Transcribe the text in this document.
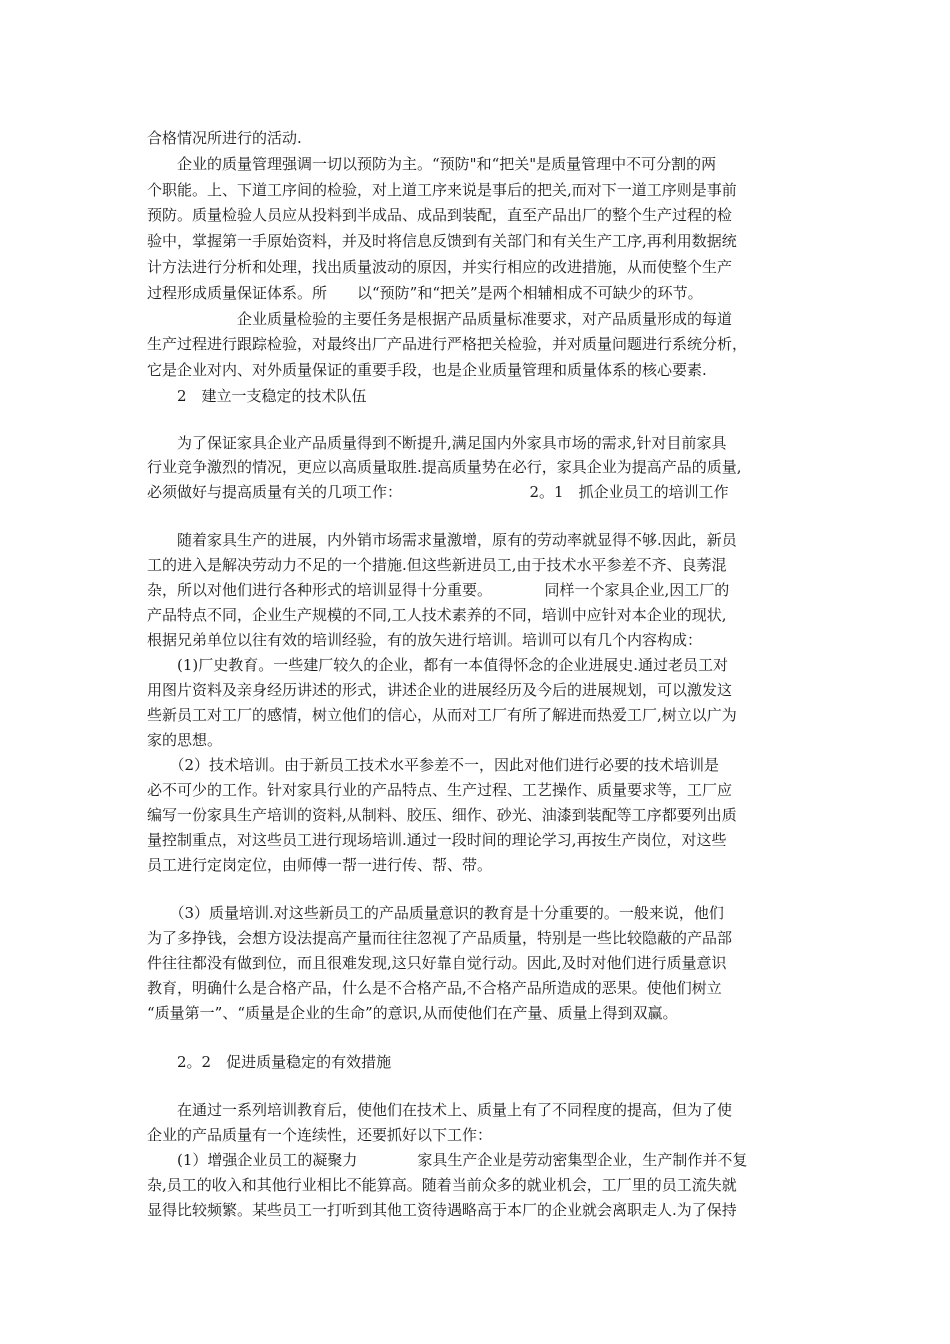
合格情况所进行的活动.
　　企业的质量管理强调一切以预防为主。“预防"和“把关"是质量管理中不可分割的两
个职能。上、下道工序间的检验，对上道工序来说是事后的把关,而对下一道工序则是事前
预防。质量检验人员应从投料到半成品、成品到装配，直至产品出厂的整个生产过程的检
验中，掌握第一手原始资料，并及时将信息反馈到有关部门和有关生产工序,再利用数据统
计方法进行分析和处理，找出质量波动的原因，并实行相应的改进措施，从而使整个生产
过程形成质量保证体系。所　　以“预防”和“把关”是两个相辅相成不可缺少的环节。
　　　　　　企业质量检验的主要任务是根据产品质量标准要求，对产品质量形成的每道
生产过程进行跟踪检验，对最终出厂产品进行严格把关检验，并对质量问题进行系统分析，
它是企业对内、对外质量保证的重要手段，也是企业质量管理和质量体系的核心要素.
　　2　建立一支稳定的技术队伍
　　为了保证家具企业产品质量得到不断提升,满足国内外家具市场的需求,针对目前家具
行业竞争激烈的情况，更应以高质量取胜.提高质量势在必行，家具企业为提高产品的质量,
必须做好与提高质量有关的几项工作：　　　　　　　　　2。1　抓企业员工的培训工作
　　随着家具生产的进展，内外销市场需求量激增，原有的劳动率就显得不够.因此，新员
工的进入是解决劳动力不足的一个措施.但这些新进员工,由于技术水平参差不齐、良莠混
杂，所以对他们进行各种形式的培训显得十分重要。　　　　同样一个家具企业,因工厂的
产品特点不同，企业生产规模的不同,工人技术素养的不同，培训中应针对本企业的现状,
根据兄弟单位以往有效的培训经验，有的放矢进行培训。培训可以有几个内容构成：
　　(1)厂史教育。一些建厂较久的企业，都有一本值得怀念的企业进展史.通过老员工对
用图片资料及亲身经历讲述的形式，讲述企业的进展经历及今后的进展规划，可以激发这
些新员工对工厂的感情，树立他们的信心，从而对工厂有所了解进而热爱工厂,树立以广为
家的思想。
　　（2）技术培训。由于新员工技术水平参差不一，因此对他们进行必要的技术培训是
必不可少的工作。针对家具行业的产品特点、生产过程、工艺操作、质量要求等，工厂应
编写一份家具生产培训的资料,从制料、胶压、细作、砂光、油漆到装配等工序都要列出质
量控制重点，对这些员工进行现场培训.通过一段时间的理论学习,再按生产岗位，对这些
员工进行定岗定位，由师傅一帮一进行传、帮、带。
　　（3）质量培训.对这些新员工的产品质量意识的教育是十分重要的。一般来说，他们
为了多挣钱，会想方设法提高产量而往往忽视了产品质量，特别是一些比较隐蔽的产品部
件往往都没有做到位，而且很难发现,这只好靠自觉行动。因此,及时对他们进行质量意识
教育，明确什么是合格产品，什么是不合格产品,不合格产品所造成的恶果。使他们树立
“质量第一”、“质量是企业的生命”的意识,从而使他们在产量、质量上得到双赢。
　　2。2　促进质量稳定的有效措施
　　在通过一系列培训教育后，使他们在技术上、质量上有了不同程度的提高，但为了使
企业的产品质量有一个连续性，还要抓好以下工作：
　　(1）增强企业员工的凝聚力　　　　家具生产企业是劳动密集型企业，生产制作并不复
杂,员工的收入和其他行业相比不能算高。随着当前众多的就业机会，工厂里的员工流失就
显得比较频繁。某些员工一打听到其他工资待遇略高于本厂的企业就会离职走人.为了保持
